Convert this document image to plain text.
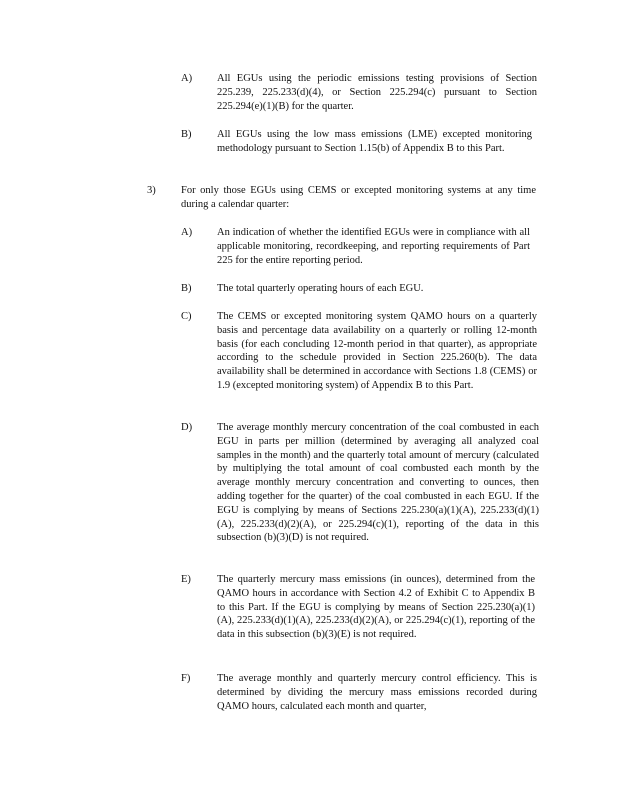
A) All EGUs using the periodic emissions testing provisions of Section 225.239, 225.233(d)(4), or Section 225.294(c) pursuant to Section 225.294(e)(1)(B) for the quarter.
B) All EGUs using the low mass emissions (LME) excepted monitoring methodology pursuant to Section 1.15(b) of Appendix B to this Part.
3) For only those EGUs using CEMS or excepted monitoring systems at any time during a calendar quarter:
A) An indication of whether the identified EGUs were in compliance with all applicable monitoring, recordkeeping, and reporting requirements of Part 225 for the entire reporting period.
B) The total quarterly operating hours of each EGU.
C) The CEMS or excepted monitoring system QAMO hours on a quarterly basis and percentage data availability on a quarterly or rolling 12-month basis (for each concluding 12-month period in that quarter), as appropriate according to the schedule provided in Section 225.260(b). The data availability shall be determined in accordance with Sections 1.8 (CEMS) or 1.9 (excepted monitoring system) of Appendix B to this Part.
D) The average monthly mercury concentration of the coal combusted in each EGU in parts per million (determined by averaging all analyzed coal samples in the month) and the quarterly total amount of mercury (calculated by multiplying the total amount of coal combusted each month by the average monthly mercury concentration and converting to ounces, then adding together for the quarter) of the coal combusted in each EGU. If the EGU is complying by means of Sections 225.230(a)(1)(A), 225.233(d)(1)(A), 225.233(d)(2)(A), or 225.294(c)(1), reporting of the data in this subsection (b)(3)(D) is not required.
E) The quarterly mercury mass emissions (in ounces), determined from the QAMO hours in accordance with Section 4.2 of Exhibit C to Appendix B to this Part. If the EGU is complying by means of Section 225.230(a)(1)(A), 225.233(d)(1)(A), 225.233(d)(2)(A), or 225.294(c)(1), reporting of the data in this subsection (b)(3)(E) is not required.
F)	The average monthly and quarterly mercury control efficiency. This is determined by dividing the mercury mass emissions recorded during QAMO hours, calculated each month and quarter,
